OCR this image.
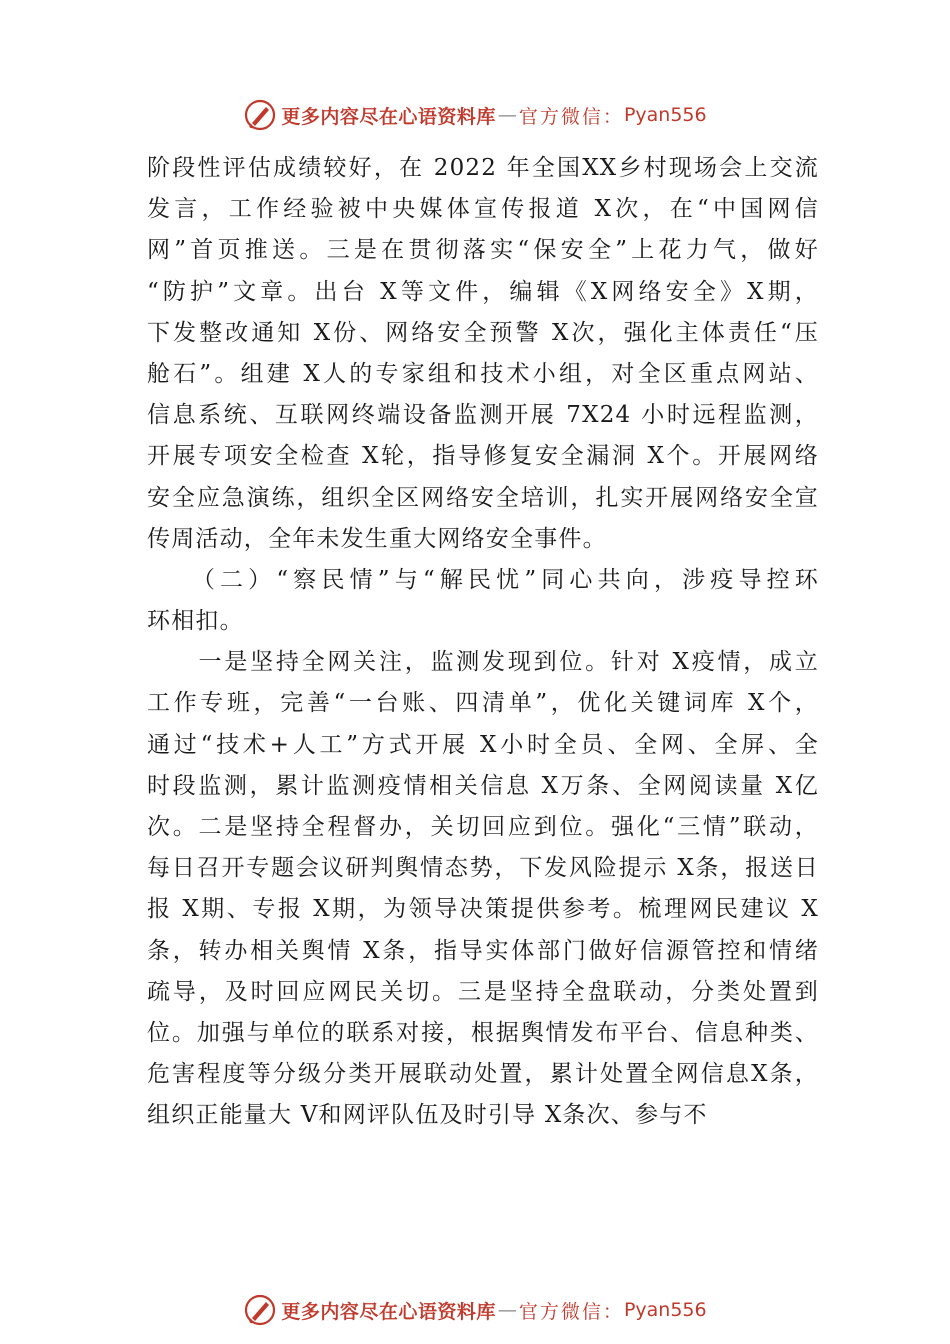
更多内容尽在心语资料库 — 官方微信： Pyan556
阶段性评估成绩较好，在 2022 年全国XX乡村现场会上交流
发言，工作经验被中央媒体宣传报道 X次，在“中国网信
网”首页推送。三是在贯彻落实“保安全”上花力气，做好
“防护”文章。出台 X等文件，编辑《X网络安全》X期，
下发整改通知 X份、网络安全预警 X次，强化主体责任“压
舱石”。组建 X人的专家组和技术小组，对全区重点网站、
信息系统、互联网终端设备监测开展 7X24 小时远程监测，
开展专项安全检查 X轮，指导修复安全漏洞 X个。开展网络
安全应急演练，组织全区网络安全培训，扎实开展网络安全宣
传周活动，全年未发生重大网络安全事件。
　　（二）“察民情”与“解民忧”同心共向，涉疫导控环
环相扣。
　　一是坚持全网关注，监测发现到位。针对 X疫情，成立
工作专班，完善“一台账、四清单”，优化关键词库 X个，
通过“技术+人工”方式开展 X小时全员、全网、全屏、全
时段监测，累计监测疫情相关信息 X万条、全网阅读量 X亿
次。二是坚持全程督办，关切回应到位。强化“三情”联动，
每日召开专题会议研判舆情态势，下发风险提示 X条，报送日
报 X期、专报 X期，为领导决策提供参考。梳理网民建议 X
条，转办相关舆情 X条，指导实体部门做好信源管控和情绪
疏导，及时回应网民关切。三是坚持全盘联动，分类处置到
位。加强与单位的联系对接，根据舆情发布平台、信息种类、
危害程度等分级分类开展联动处置，累计处置全网信息X条，
组织正能量大 V和网评队伍及时引导 X条次、参与不
更多内容尽在心语资料库 — 官方微信： Pyan556
